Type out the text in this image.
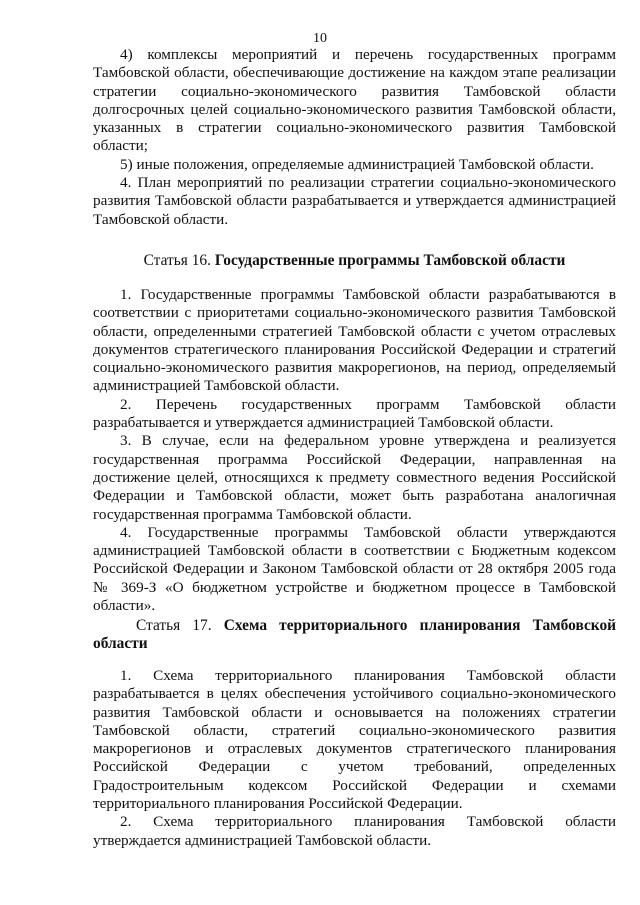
10

4) комплексы мероприятий и перечень государственных программ Тамбовской области, обеспечивающие достижение на каждом этапе реализации стратегии социально-экономического развития Тамбовской области долгосрочных целей социально-экономического развития Тамбовской области, указанных в стратегии социально-экономического развития Тамбовской области;

5) иные положения, определяемые администрацией Тамбовской области.

4. План мероприятий по реализации стратегии социально-экономического развития Тамбовской области разрабатывается и утверждается администрацией Тамбовской области.

Статья 16. Государственные программы Тамбовской области

1. Государственные программы Тамбовской области разрабатываются в соответствии с приоритетами социально-экономического развития Тамбовской области, определенными стратегией Тамбовской области с учетом отраслевых документов стратегического планирования Российской Федерации и стратегий социально-экономического развития макрорегионов, на период, определяемый администрацией Тамбовской области.

2. Перечень государственных программ Тамбовской области разрабатывается и утверждается администрацией Тамбовской области.

3. В случае, если на федеральном уровне утверждена и реализуется государственная программа Российской Федерации, направленная на достижение целей, относящихся к предмету совместного ведения Российской Федерации и Тамбовской области, может быть разработана аналогичная государственная программа Тамбовской области.

4. Государственные программы Тамбовской области утверждаются администрацией Тамбовской области в соответствии с Бюджетным кодексом Российской Федерации и Законом Тамбовской области от 28 октября 2005 года № 369-З «О бюджетном устройстве и бюджетном процессе в Тамбовской области».

Статья 17. Схема территориального планирования Тамбовской области

1. Схема территориального планирования Тамбовской области разрабатывается в целях обеспечения устойчивого социально-экономического развития Тамбовской области и основывается на положениях стратегии Тамбовской области, стратегий социально-экономического развития макрорегионов и отраслевых документов стратегического планирования Российской Федерации с учетом требований, определенных Градостроительным кодексом Российской Федерации и схемами территориального планирования Российской Федерации.

2. Схема территориального планирования Тамбовской области утверждается администрацией Тамбовской области.
